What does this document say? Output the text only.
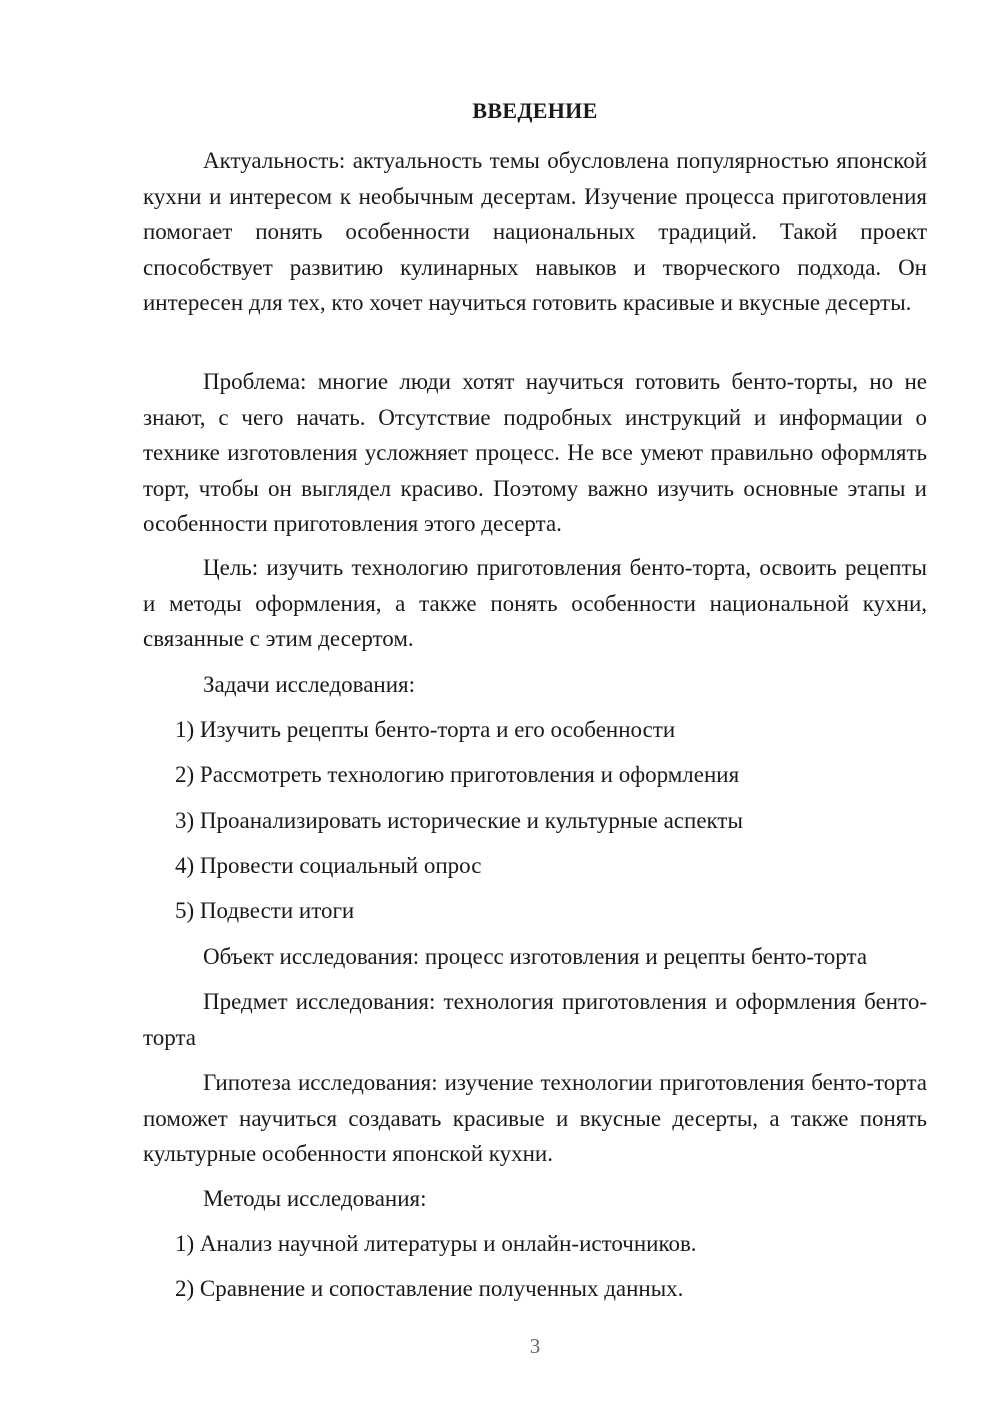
ВВЕДЕНИЕ

Актуальность: актуальность темы обусловлена популярностью японской кухни и интересом к необычным десертам. Изучение процесса приготовления помогает понять особенности национальных традиций. Такой проект способствует развитию кулинарных навыков и творческого подхода. Он интересен для тех, кто хочет научиться готовить красивые и вкусные десерты.

Проблема: многие люди хотят научиться готовить бенто-торты, но не знают, с чего начать. Отсутствие подробных инструкций и информации о технике изготовления усложняет процесс. Не все умеют правильно оформлять торт, чтобы он выглядел красиво. Поэтому важно изучить основные этапы и особенности приготовления этого десерта.

Цель: изучить технологию приготовления бенто-торта, освоить рецепты и методы оформления, а также понять особенности национальной кухни, связанные с этим десертом.

Задачи исследования:

1) Изучить рецепты бенто-торта и его особенности

2) Рассмотреть технологию приготовления и оформления

3) Проанализировать исторические и культурные аспекты

4) Провести социальный опрос

5) Подвести итоги

Объект исследования: процесс изготовления и рецепты бенто-торта

Предмет исследования: технология приготовления и оформления бенто-торта

Гипотеза исследования: изучение технологии приготовления бенто-торта поможет научиться создавать красивые и вкусные десерты, а также понять культурные особенности японской кухни.

Методы исследования:

1) Анализ научной литературы и онлайн-источников.

2) Сравнение и сопоставление полученных данных.

3
